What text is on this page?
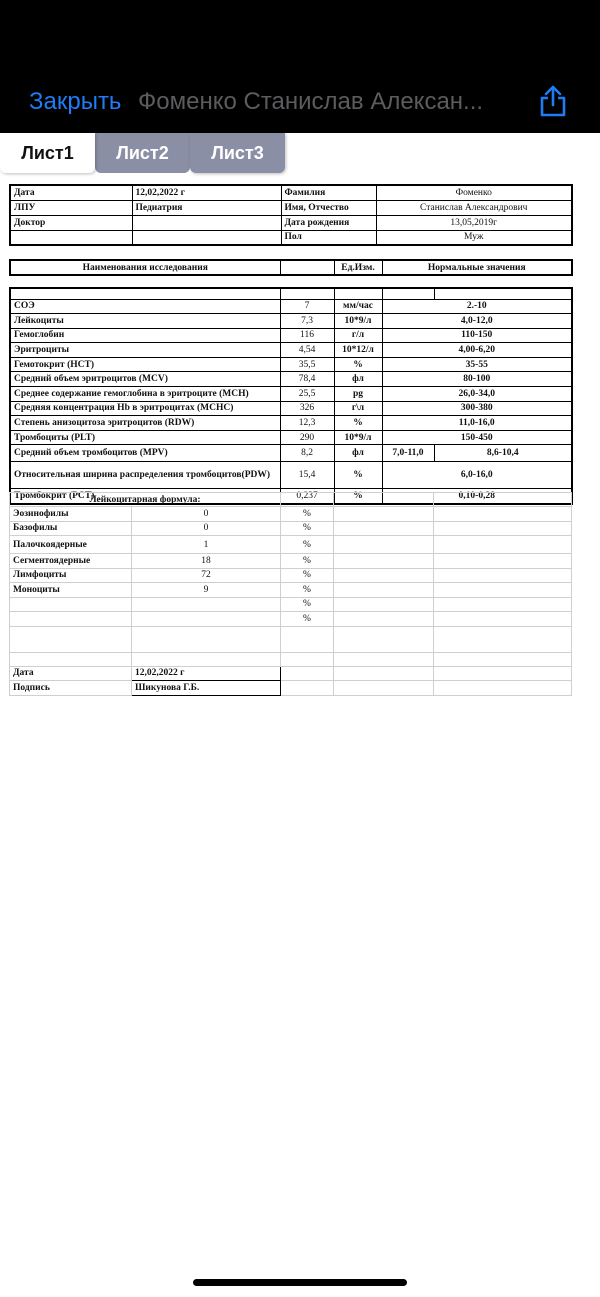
Закрыть Фоменко Станислав Алексан...
Лист1	Лист2	Лист3
Дата	12,02,2022 г	Фамилия	Фоменко
ЛПУ	Педиатрия	Имя, Отчество	Станислав Александрович
Доктор		Дата рождения	13,05,2019г
		Пол	Муж
Наименования исследования		Ед.Изм.	Нормальные значения

СОЭ	7	мм/час	2.-10	
Лейкоциты	7,3	10*9/л	4,0-12,0	
Гемоглобин	116	г/л	110-150	
Эритроциты	4,54	10*12/л	4,00-6,20	
Гемотокрит (НСТ)	35,5	%	35-55	
Средний объем эритроцитов (MCV)	78,4	фл	80-100	
Среднее содержание гемоглобина в эритроците (MCH)	25,5	pg	26,0-34,0	
Средняя концентрация Hb в эритроцитах (MCHC)	326	г\л	300-380	
Степень анизоцитоза эритроцитов (RDW)	12,3	%	11,0-16,0	
Тромбоциты (PLT)	290	10*9/л	150-450	
Средний объем тромбоцитов (MPV)	8,2	фл	7,0-11,0	8,6-10,4
Относительная ширина распределения тромбоцитов(PDW)	15,4	%	6,0-16,0	
Тромбокрит (PCT)	0,237	%	0,10-0,28	
Лейкоцитарная формула:				
Эозинофилы	0	%		
Базофилы	0	%		
Палочкоядерные	1	%		
Сегментоядерные	18	%		
Лимфоциты	72	%		
Моноциты	9	%		
		%		
		%		

Дата	12,02,2022 г			
Подпись	Шикунова Г.Б.			
